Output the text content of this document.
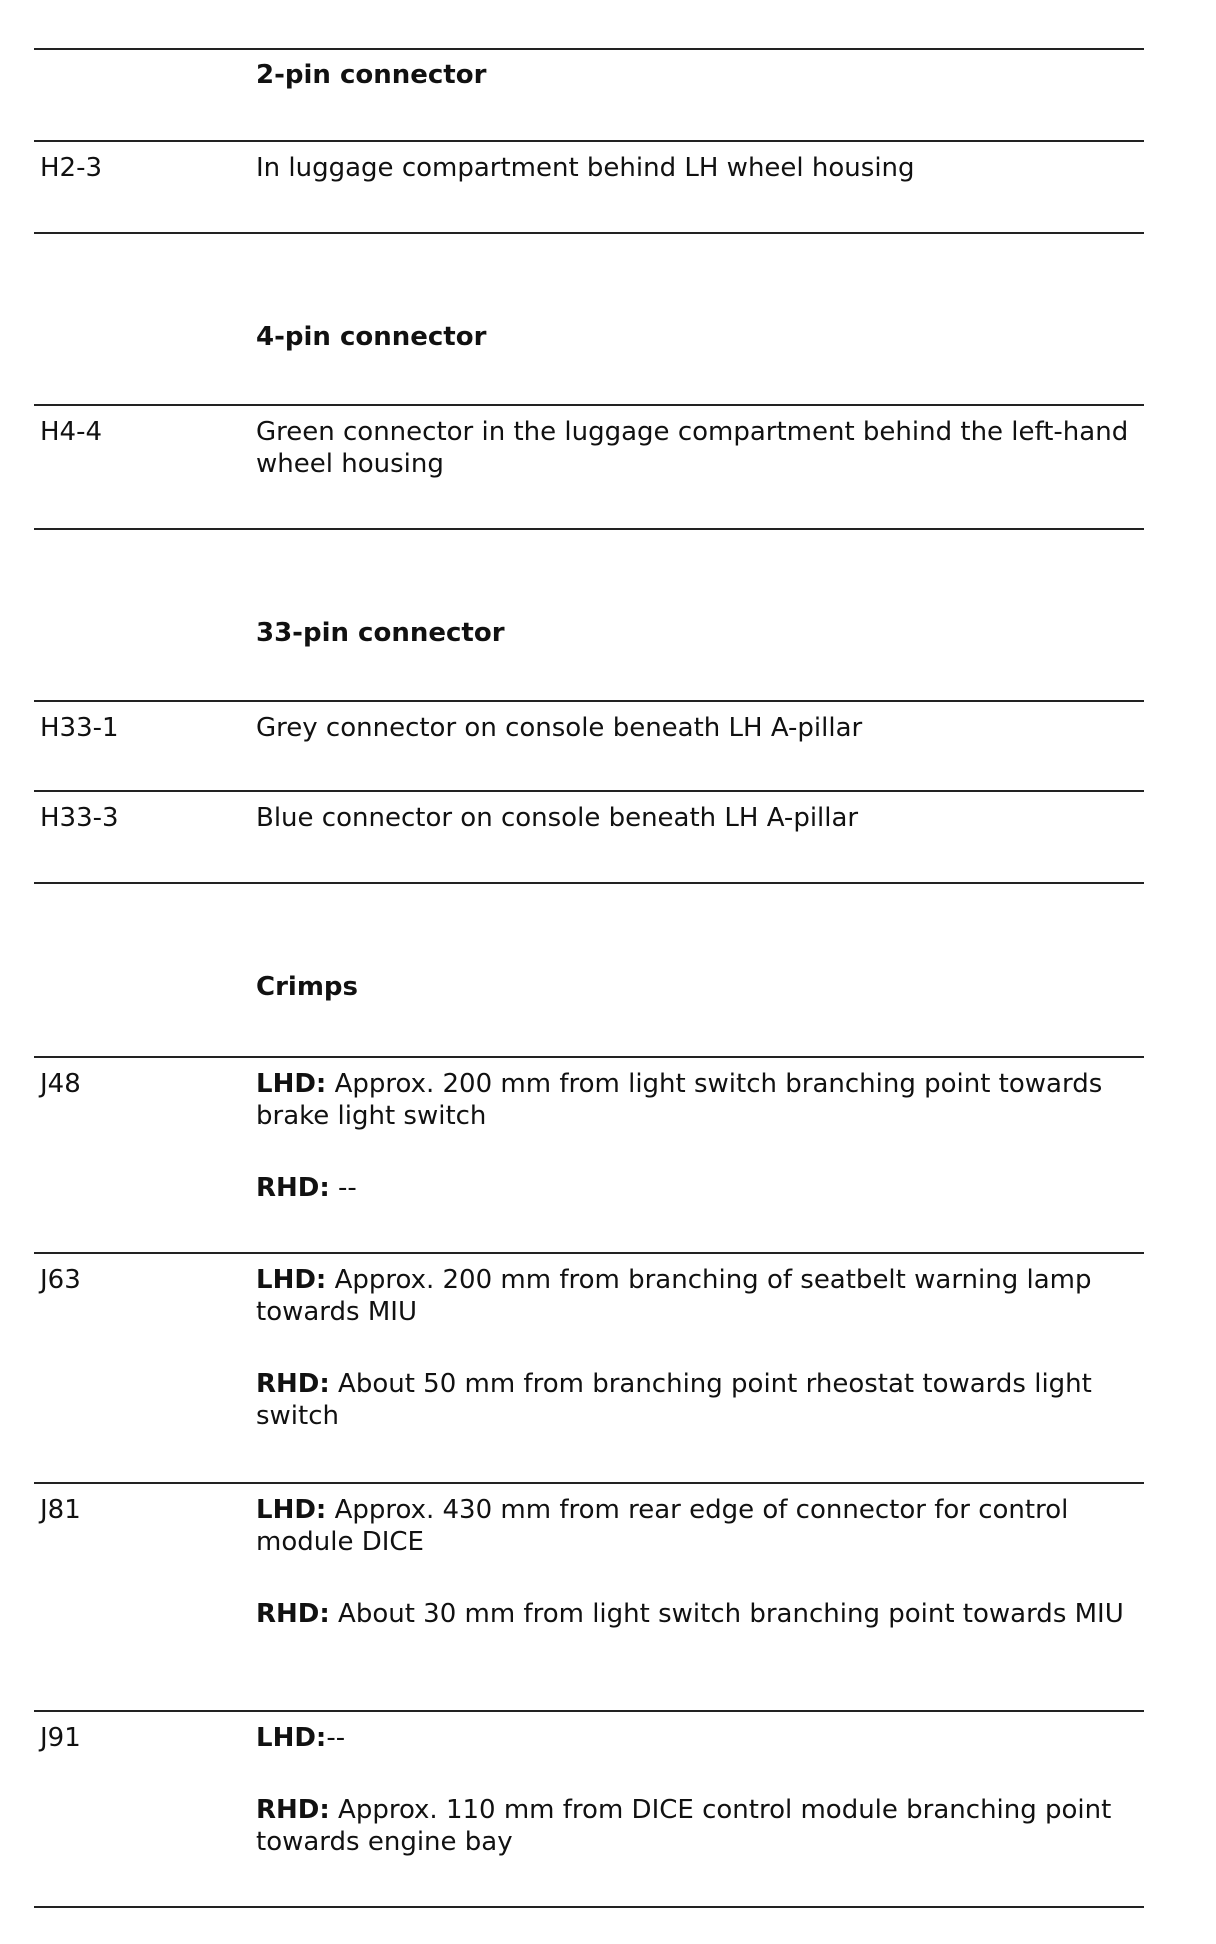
2-pin connector
H2-3	In luggage compartment behind LH wheel housing
4-pin connector
H4-4	Green connector in the luggage compartment behind the left-hand wheel housing
33-pin connector
H33-1	Grey connector on console beneath LH A-pillar
H33-3	Blue connector on console beneath LH A-pillar
Crimps
J48	LHD: Approx. 200 mm from light switch branching point towards brake light switch

RHD: --

J63	LHD: Approx. 200 mm from branching of seatbelt warning lamp towards MIU

RHD: About 50 mm from branching point rheostat towards light switch

J81	LHD: Approx. 430 mm from rear edge of connector for control module DICE

RHD: About 30 mm from light switch branching point towards MIU

J91	LHD:--

RHD: Approx. 110 mm from DICE control module branching point towards engine bay
